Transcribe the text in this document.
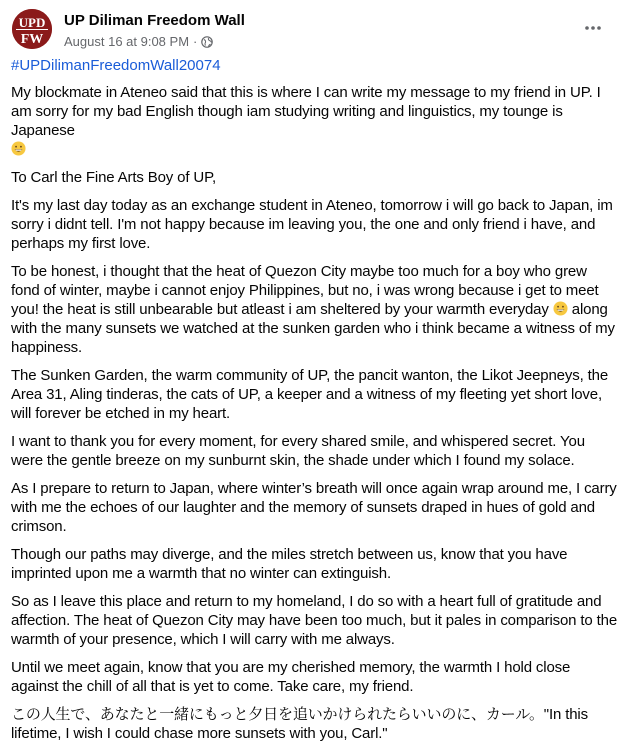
UPD
FW
UP Diliman Freedom Wall
August 16 at 9:08 PM ·
#UPDilimanFreedomWall20074

My blockmate in Ateneo said that this is where I can write my message to my friend in UP. I am sorry for my bad English though iam studying writing and linguistics, my tounge is Japanese

To Carl the Fine Arts Boy of UP,

It's my last day today as an exchange student in Ateneo, tomorrow i will go back to Japan, im sorry i didnt tell. I'm not happy because im leaving you, the one and only friend i have, and perhaps my first love.

To be honest, i thought that the heat of Quezon City maybe too much for a boy who grew fond of winter, maybe i cannot enjoy Philippines, but no, i was wrong because i get to meet you! the heat is still unbearable but atleast i am sheltered by your warmth everyday along with the many sunsets we watched at the sunken garden who i think became a witness of my happiness.

The Sunken Garden, the warm community of UP, the pancit wanton, the Likot Jeepneys, the Area 31, Aling tinderas, the cats of UP, a keeper and a witness of my fleeting yet short love, will forever be etched in my heart.

I want to thank you for every moment, for every shared smile, and whispered secret. You were the gentle breeze on my sunburnt skin, the shade under which I found my solace.

As I prepare to return to Japan, where winter’s breath will once again wrap around me, I carry with me the echoes of our laughter and the memory of sunsets draped in hues of gold and crimson.

Though our paths may diverge, and the miles stretch between us, know that you have imprinted upon me a warmth that no winter can extinguish.

So as I leave this place and return to my homeland, I do so with a heart full of gratitude and affection. The heat of Quezon City may have been too much, but it pales in comparison to the warmth of your presence, which I will carry with me always.

Until we meet again, know that you are my cherished memory, the warmth I hold close against the chill of all that is yet to come. Take care, my friend.

この人生で、あなたと一緒にもっと夕日を追いかけられたらいいのに、カール。"In this lifetime, I wish I could chase more sunsets with you, Carl."
